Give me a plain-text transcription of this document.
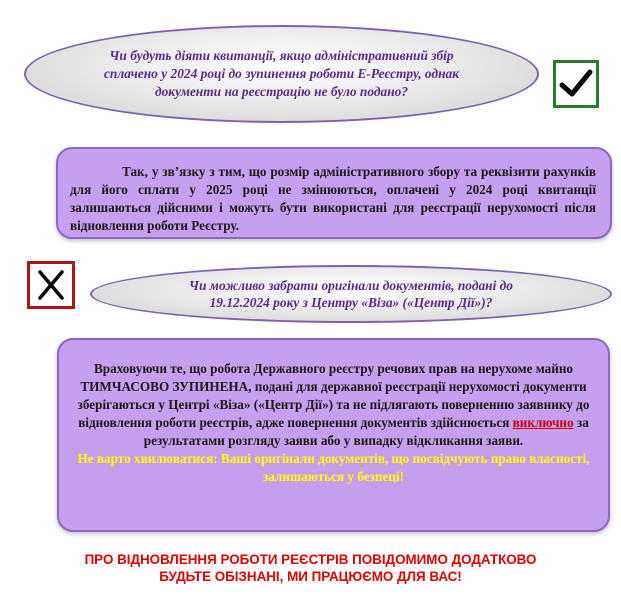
Чи будуть діяти квитанції, якщо адміністративний збір сплачено у 2024 році до зупинення роботи Е-Реєстру, однак документи на реєстрацію не було подано?
Так, у зв’язку з тим, що розмір адміністративного збору та реквізити рахунків для його сплати у 2025 році не змінюються, оплачені у 2024 році квитанції залишаються дійсними і можуть бути використані для реєстрації нерухомості після відновлення роботи Реєстру.
Чи можливо забрати оригінали документів, подані до 19.12.2024 року з Центру «Віза» («Центр Дії»)?
Враховуючи те, що робота Державного реєстру речових прав на нерухоме майно ТИМЧАСОВО ЗУПИНЕНА, подані для державної реєстрації нерухомості документи зберігаються у Центрі «Віза» («Центр Дії») та не підлягають поверненню заявнику до відновлення роботи реєстрів, адже повернення документів здійснюється виключно за результатами розгляду заяви або у випадку відкликання заяви.
Не варто хвилюватися: Ваші оригінали документів, що посвідчують право власності, залишаються у безпеці!
ПРО ВІДНОВЛЕННЯ РОБОТИ РЕЄСТРІВ ПОВІДОМИМО ДОДАТКОВО
БУДЬТЕ ОБІЗНАНІ, МИ ПРАЦЮЄМО ДЛЯ ВАС!
